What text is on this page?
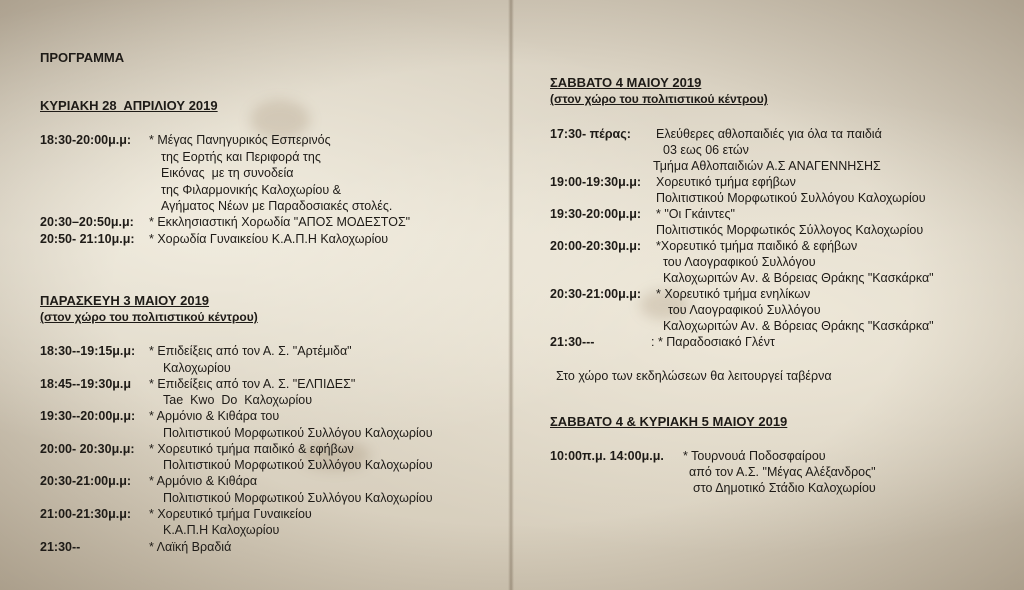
ΠΡΟΓΡΑΜΜΑ
ΚΥΡΙΑΚΗ 28  ΑΠΡΙΛΙΟΥ 2019
18:30-20:00μ.μ: * Μέγας Πανηγυρικός Εσπερινός
της Εορτής και Περιφορά της
Εικόνας  με τη συνοδεία
της Φιλαρμονικής Καλοχωρίου &
Αγήματος Νέων με Παραδοσιακές στολές.
20:30–20:50μ.μ: * Εκκλησιαστική Χορωδία "ΑΠΟΣ ΜΟΔΕΣΤΟΣ"
20:50- 21:10μ.μ: * Χορωδία Γυναικείου Κ.Α.Π.Η Καλοχωρίου
ΠΑΡΑΣΚΕΥΗ 3 ΜΑΙΟΥ 2019
(στον χώρο του πολιτιστικού κέντρου)
18:30--19:15μ.μ: * Επιδείξεις από τον Α. Σ. "Αρτέμιδα"
Καλοχωρίου
18:45--19:30μ.μ * Επιδείξεις από τον Α. Σ. "ΕΛΠΙΔΕΣ"
Tae  Kwo  Do  Καλοχωρίου
19:30--20:00μ.μ: * Αρμόνιο & Κιθάρα του
Πολιτιστικού Μορφωτικού Συλλόγου Καλοχωρίου
20:00- 20:30μ.μ: * Χορευτικό τμήμα παιδικό & εφήβων
Πολιτιστικού Μορφωτικού Συλλόγου Καλοχωρίου
20:30-21:00μ.μ: * Αρμόνιο & Κιθάρα
Πολιτιστικού Μορφωτικού Συλλόγου Καλοχωρίου
21:00-21:30μ.μ: * Χορευτικό τμήμα Γυναικείου
Κ.Α.Π.Η Καλοχωρίου
21:30--	* Λαϊκή Βραδιά
ΣΑΒΒΑΤΟ 4 ΜΑΙΟΥ 2019
(στον χώρο του πολιτιστικού κέντρου)
17:30- πέρας: Ελεύθερες αθλοπαιδιές για όλα τα παιδιά
03 εως 06 ετών
Τμήμα Αθλοπαιδιών Α.Σ ΑΝΑΓΕΝΝΗΣΗΣ
19:00-19:30μ.μ: Χορευτικό τμήμα εφήβων
Πολιτιστικού Μορφωτικού Συλλόγου Καλοχωρίου
19:30-20:00μ.μ: * "Οι Γκάιντες"
Πολιτιστικός Μορφωτικός Σύλλογος Καλοχωρίου
20:00-20:30μ.μ: *Χορευτικό τμήμα παιδικό & εφήβων
του Λαογραφικού Συλλόγου
Καλοχωριτών Αν. & Βόρειας Θράκης "Κασκάρκα"
20:30-21:00μ.μ: * Χορευτικό τμήμα ενηλίκων
του Λαογραφικού Συλλόγου
Καλοχωριτών Αν. & Βόρειας Θράκης "Κασκάρκα"
21:30---	: * Παραδοσιακό Γλέντ
Στο χώρο των εκδηλώσεων θα λειτουργεί ταβέρνα
ΣΑΒΒΑΤΟ 4 & ΚΥΡΙΑΚΗ 5 ΜΑΙΟΥ 2019
10:00π.μ. 14:00μ.μ. * Τουρνουά Ποδοσφαίρου
από τον Α.Σ. "Μέγας Αλέξανδρος"
στο Δημοτικό Στάδιο Καλοχωρίου
